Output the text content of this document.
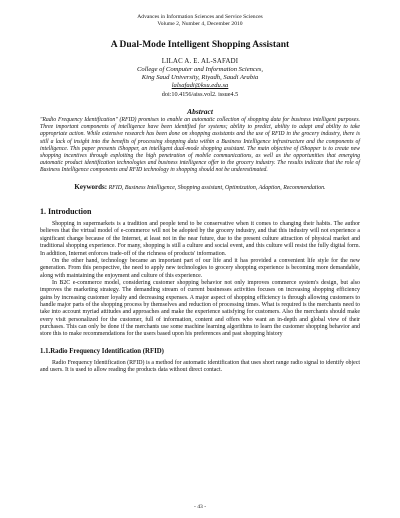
Advances in Information Sciences and Service Sciences
Volume 2, Number 4, December 2010
A Dual-Mode Intelligent Shopping Assistant
LILAC A. E. AL-SAFADI
College of Computer and Information Sciences,
King Saud University, Riyadh, Saudi Arabia
lalsafadi@ksu.edu.sa
doi:10.4156/aiss.vol2. issue4.5
Abstract
"Radio Frequency Identification" (RFID) promises to enable an automatic collection of shopping data for business intelligent purposes. Three important components of intelligence have been identified for systems; ability to predict, ability to adapt and ability to take appropriate action. While extensive research has been done on shopping assistants and the use of RFID in the grocery industry, there is still a lack of insight into the benefits of processing shopping data within a Business Intelligence infrastructure and the components of intelligence. This paper presents iShopper, an intelligent dual-mode shopping assistant. The main objective of iShopper is to create new shopping incentives through exploiting the high penetration of mobile communications, as well as the opportunities that emerging automatic product identification technologies and business intelligence offer to the grocery industry. The results indicate that the role of Business Intelligence components and RFID technology in shopping should not be underestimated.
Keywords: RFID, Business Intelligence, Shopping assistant, Optimization, Adaption, Recommendation.
1. Introduction

Shopping in supermarkets is a tradition and people tend to be conservative when it comes to changing their habits. The author believes that the virtual model of e-commerce will not be adopted by the grocery industry, and that this industry will not experience a significant change because of the Internet, at least not in the near future, due to the present culture attraction of physical market and traditional shopping experience. For many, shopping is still a culture and social event, and this culture will resist the fully digital form. In addition, Internet enforces trade-off of the richness of products' information.

On the other hand, technology became an important part of our life and it has provided a convenient life style for the new generation. From this perspective, the need to apply new technologies to grocery shopping experience is becoming more demandable, along with maintaining the enjoyment and culture of this experience.

In B2C e-commerce model, considering customer shopping behavior not only improves commerce system's design, but also improves the marketing strategy. The demanding stream of current businesses activities focuses on increasing shopping efficiency gains by increasing customer loyalty and decreasing expenses. A major aspect of shopping efficiency is through allowing customers to handle major parts of the shopping process by themselves and reduction of processing times. What is required is the merchants need to take into account myriad attitudes and approaches and make the experience satisfying for customers. Also the merchants should make every visit personalized for the customer, full of information, content and offers who want an in-depth and global view of their purchases. This can only be done if the merchants use some machine learning algorithms to learn the customer shopping behavior and store this to make recommendations for the users based upon his preferences and past shopping history

1.1.Radio Frequency Identification (RFID)

Radio Frequency Identification (RFID) is a method for automatic identification that uses short range radio signal to identify object and users. It is used to allow reading the products data without direct contact.

- 43 -
